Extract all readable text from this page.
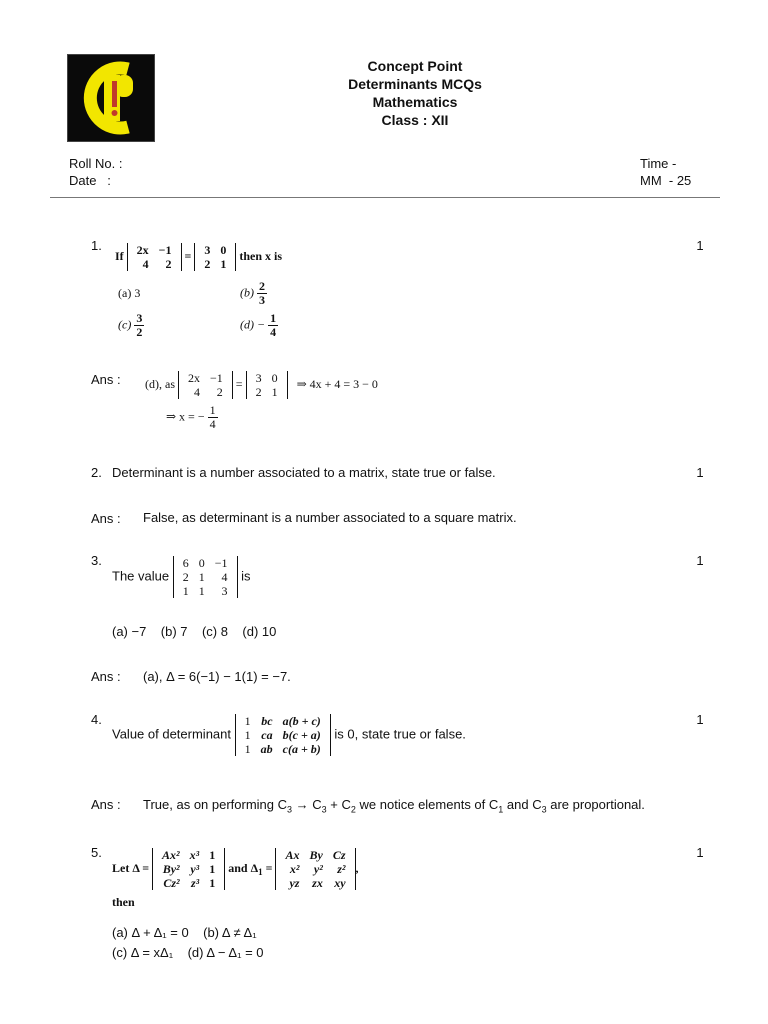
Concept Point
Determinants MCQs
Mathematics
Class : XII
Roll No. :
Date   :
Time -
MM  - 25
1.	1
If 2x	−1
4	2
= 3	0
2	1
then x is
(a) 3	$(b) \frac{2}{3}$
$(c) \frac{3}{2}$	$(d) - \frac{1}{4}$
Ans : (d), as 2x	−1
4	2
= 3	0
2	1
⇒ 4x + 4 = 3 − 0
⇒ x = − $\frac{1}{4}$
2. Determinant is a number associated to a matrix, state true or false.	1
Ans : False, as determinant is a number associated to a square matrix.
3.	1
The value
6	0	−1
2	1	4
1	1	3
is
(a) −7    (b) 7    (c) 8    (d) 10
Ans : (a), Δ = 6(−1) − 1(1) = −7.
4.	1
Value of determinant
1	bc	a(b + c)
1	ca	b(c + a)
1	ab	c(a + b)
is 0, state true or false.
Ans : True, as on performing $C_3 \to C_3 + C_2$ we notice elements of $C_1$ and $C_3$ are proportional.
5.	1
Let Δ =
Ax²	x³	1
By²	y³	1
Cz²	z³	1
and $\Delta_1$ =
Ax	By	Cz
x²	y²	z²
yz	zx	xy
,
then
(a) Δ + Δ₁ = 0    (b) Δ ≠ Δ₁
(c) Δ = xΔ₁    (d) Δ − Δ₁ = 0
